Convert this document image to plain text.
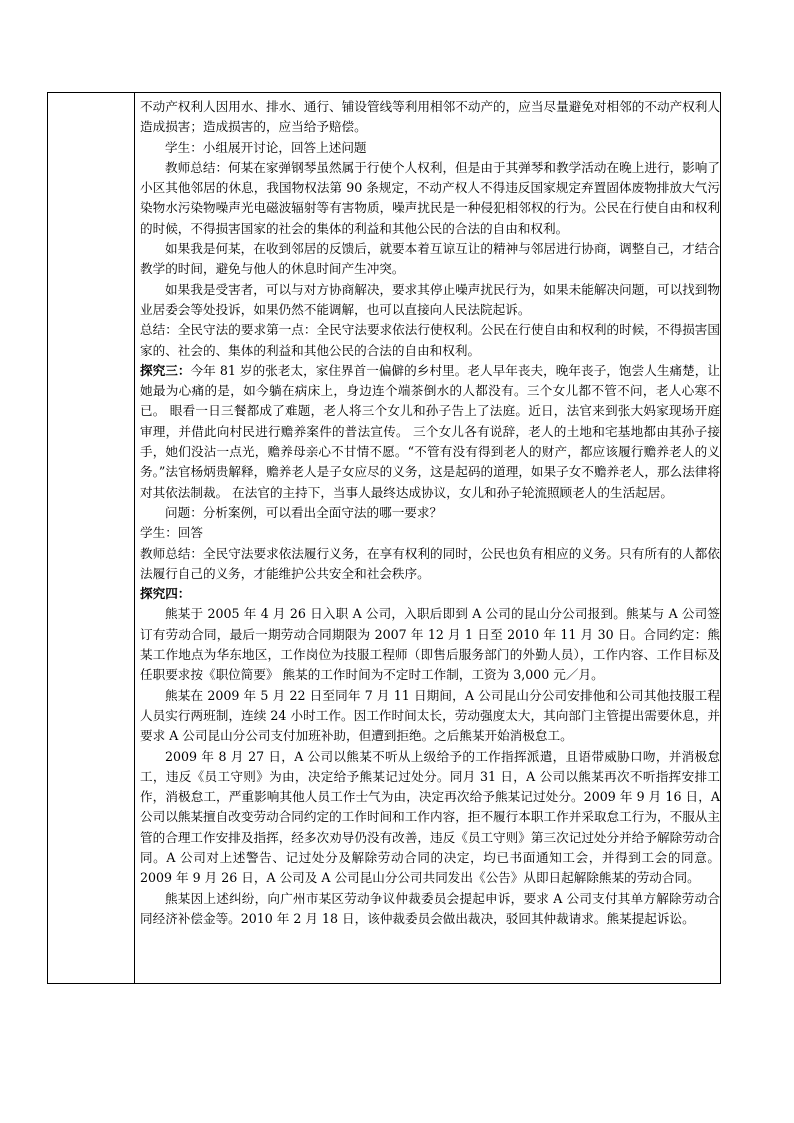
不动产权利人因用水、排水、通行、铺设管线等利用相邻不动产的，应当尽量避免对相邻的不动产权利人造成损害；造成损害的，应当给予赔偿。

学生：小组展开讨论，回答上述问题

教师总结：何某在家弹钢琴虽然属于行使个人权利，但是由于其弹琴和教学活动在晚上进行，影响了小区其他邻居的休息，我国物权法第 90 条规定，不动产权人不得违反国家规定弃置固体废物排放大气污染物水污染物噪声光电磁波辐射等有害物质，噪声扰民是一种侵犯相邻权的行为。公民在行使自由和权利的时候，不得损害国家的社会的集体的利益和其他公民的合法的自由和权利。

如果我是何某，在收到邻居的反馈后，就要本着互谅互让的精神与邻居进行协商，调整自己，才结合教学的时间，避免与他人的休息时间产生冲突。

如果我是受害者，可以与对方协商解决，要求其停止噪声扰民行为，如果未能解决问题，可以找到物业居委会等处投诉，如果仍然不能调解，也可以直接向人民法院起诉。

总结：全民守法的要求第一点：全民守法要求依法行使权利。公民在行使自由和权利的时候，不得损害国家的、社会的、集体的利益和其他公民的合法的自由和权利。

探究三：今年 81 岁的张老太，家住界首一偏僻的乡村里。老人早年丧夫，晚年丧子，饱尝人生痛楚，让她最为心痛的是，如今躺在病床上，身边连个端茶倒水的人都没有。三个女儿都不管不问，老人心寒不已。 眼看一日三餐都成了难题，老人将三个女儿和孙子告上了法庭。近日，法官来到张大妈家现场开庭审理，并借此向村民进行赡养案件的普法宣传。 三个女儿各有说辞，老人的土地和宅基地都由其孙子接手，她们没沾一点光，赡养母亲心不甘情不愿。“不管有没有得到老人的财产，都应该履行赡养老人的义务。”法官杨炳贵解释，赡养老人是子女应尽的义务，这是起码的道理，如果子女不赡养老人，那么法律将对其依法制裁。 在法官的主持下，当事人最终达成协议，女儿和孙子轮流照顾老人的生活起居。

问题：分析案例，可以看出全面守法的哪一要求？

学生：回答

教师总结：全民守法要求依法履行义务，在享有权利的同时，公民也负有相应的义务。只有所有的人都依法履行自己的义务，才能维护公共安全和社会秩序。

探究四：

熊某于 2005 年 4 月 26 日入职 A 公司，入职后即到 A 公司的昆山分公司报到。熊某与 A 公司签订有劳动合同，最后一期劳动合同期限为 2007 年 12 月 1 日至 2010 年 11 月 30 日。合同约定：熊某工作地点为华东地区，工作岗位为技服工程师（即售后服务部门的外勤人员），工作内容、工作目标及任职要求按《职位简要》 熊某的工作时间为不定时工作制，工资为 3,000 元／月。

熊某在 2009 年 5 月 22 日至同年 7 月 11 日期间，A 公司昆山分公司安排他和公司其他技服工程人员实行两班制，连续 24 小时工作。因工作时间太长，劳动强度太大，其向部门主管提出需要休息，并要求 A 公司昆山分公司支付加班补助，但遭到拒绝。之后熊某开始消极怠工。

2009 年 8 月 27 日，A 公司以熊某不听从上级给予的工作指挥派遣，且语带威胁口吻，并消极怠工，违反《员工守则》为由，决定给予熊某记过处分。同月 31 日，A 公司以熊某再次不听指挥安排工作，消极怠工，严重影响其他人员工作士气为由，决定再次给予熊某记过处分。2009 年 9 月 16 日，A 公司以熊某擅自改变劳动合同约定的工作时间和工作内容，拒不履行本职工作并采取怠工行为，不服从主管的合理工作安排及指挥，经多次劝导仍没有改善，违反《员工守则》第三次记过处分并给予解除劳动合同。A 公司对上述警告、记过处分及解除劳动合同的决定，均已书面通知工会，并得到工会的同意。 2009 年 9 月 26 日，A 公司及 A 公司昆山分公司共同发出《公告》从即日起解除熊某的劳动合同。

熊某因上述纠纷，向广州市某区劳动争议仲裁委员会提起申诉，要求 A 公司支付其单方解除劳动合同经济补偿金等。2010 年 2 月 18 日，该仲裁委员会做出裁决，驳回其仲裁请求。熊某提起诉讼。
